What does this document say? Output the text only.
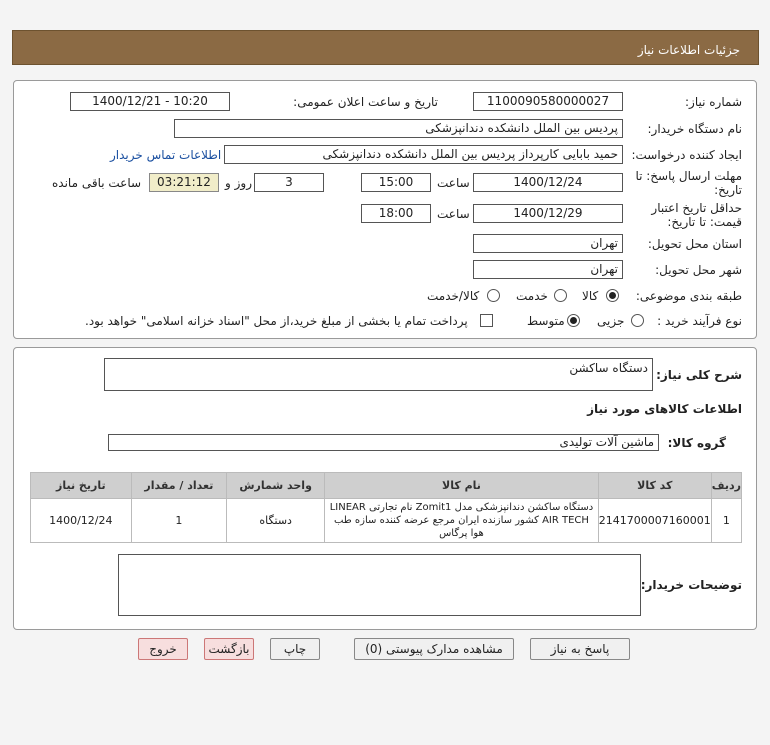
جزئیات اطلاعات نیاز
شماره نیاز:
1100090580000027
تاریخ و ساعت اعلان عمومی:
1400/12/21 - 10:20
نام دستگاه خریدار:
پردیس بین الملل دانشکده دندانپزشکی
ایجاد کننده درخواست:
حمید بابایی کارپرداز پردیس بین الملل دانشکده دندانپزشکی
اطلاعات تماس خریدار
مهلت ارسال پاسخ: تا تاریخ:
1400/12/24
ساعت
15:00
3
روز و
03:21:12
ساعت باقی مانده
حداقل تاریخ اعتبار قیمت: تا تاریخ:
1400/12/29
ساعت
18:00
استان محل تحویل:
تهران
شهر محل تحویل:
تهران
طبقه بندی موضوعی:
کالا
خدمت
کالا/خدمت
نوع فرآیند خرید :
جزیی
متوسط
پرداخت تمام یا بخشی از مبلغ خرید،از محل "اسناد خزانه اسلامی" خواهد بود.
شرح کلی نیاز:
دستگاه ساکشن
اطلاعات کالاهای مورد نیاز
گروه کالا:
ماشین آلات تولیدی
ردیف	کد کالا	نام کالا	واحد شمارش	تعداد / مقدار	تاریخ نیاز
1	2141700007160001	دستگاه ساکشن دندانپزشکی مدل Zomit1 نام تجارتی LINEAR AIR TECH کشور سازنده ایران مرجع عرضه کننده سازه طب هوا پرگاس	دستگاه	1	1400/12/24
توضیحات خریدار:
پاسخ به نیاز
مشاهده مدارک پیوستی (0)
چاپ
بازگشت
خروج
